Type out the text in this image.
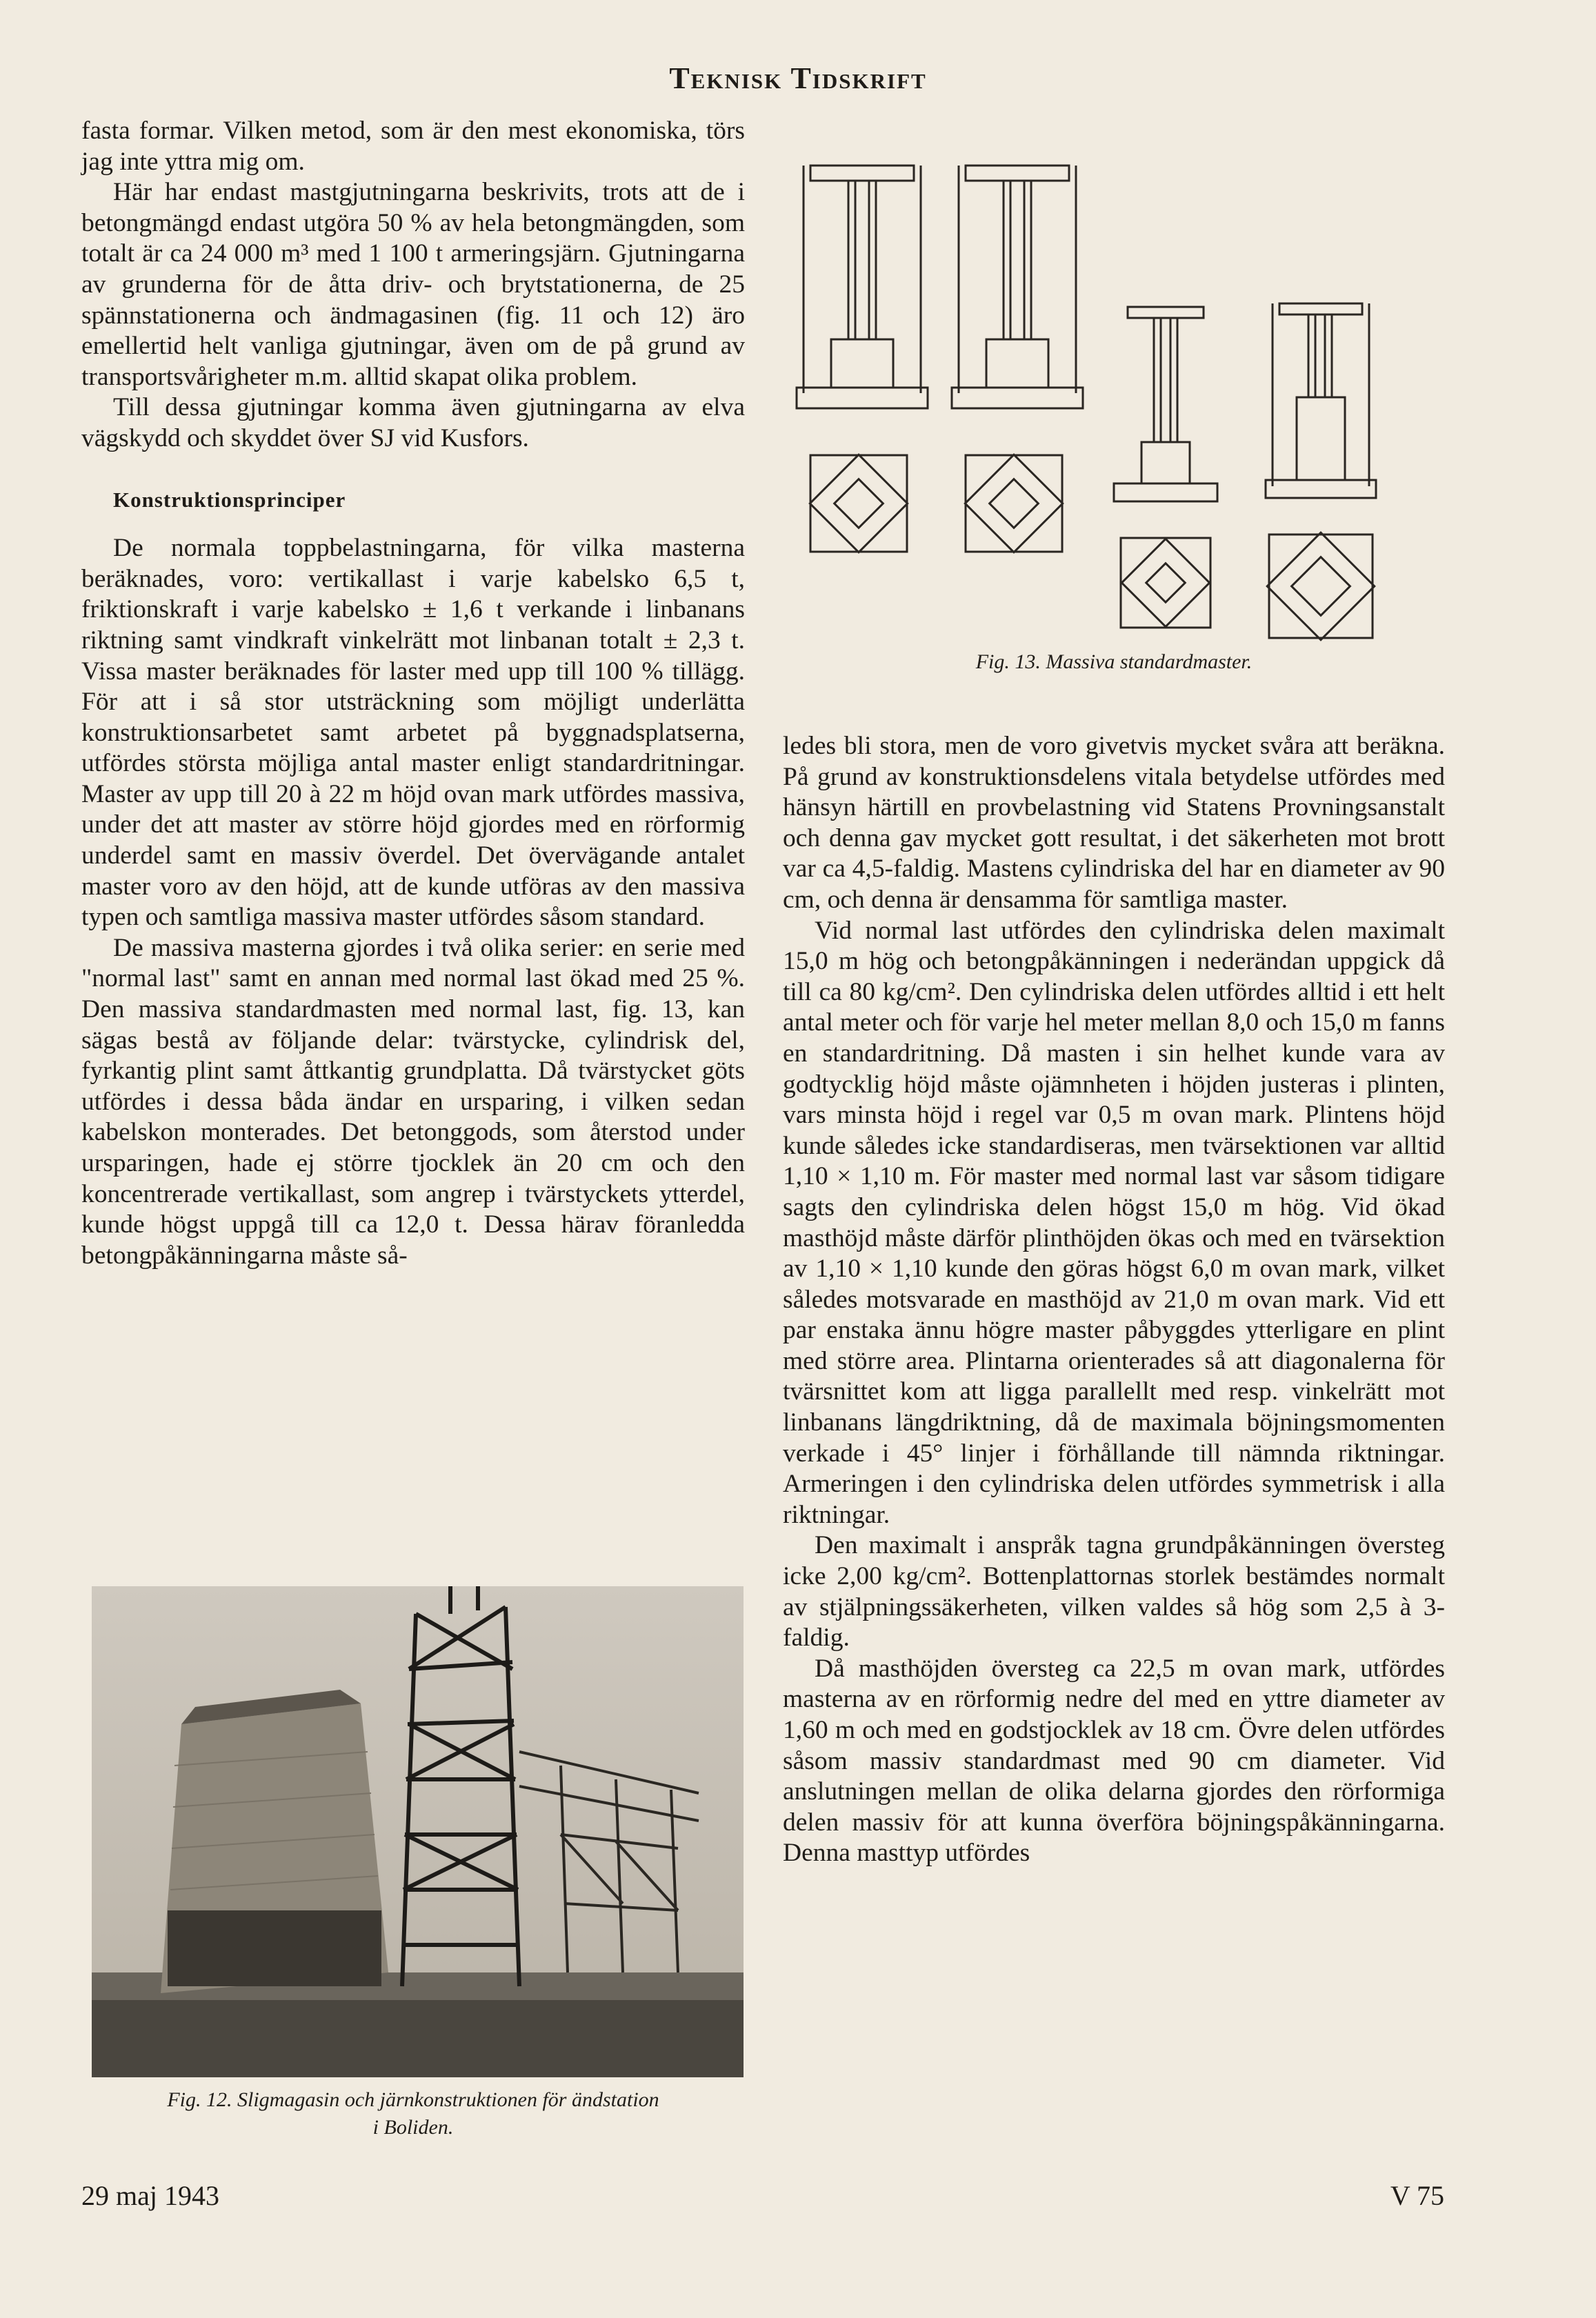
Teknisk Tidskrift

fasta formar. Vilken metod, som är den mest ekonomiska, törs jag inte yttra mig om.

Här har endast mastgjutningarna beskrivits, trots att de i betongmängd endast utgöra 50 % av hela betongmängden, som totalt är ca 24 000 m³ med 1 100 t armeringsjärn. Gjutningarna av grunderna för de åtta driv- och brytstationerna, de 25 spännstationerna och ändmagasinen (fig. 11 och 12) äro emellertid helt vanliga gjutningar, även om de på grund av transportsvårigheter m.m. alltid skapat olika problem.

Till dessa gjutningar komma även gjutningarna av elva vägskydd och skyddet över SJ vid Kusfors.

Konstruktionsprinciper

De normala toppbelastningarna, för vilka masterna beräknades, voro: vertikallast i varje kabelsko 6,5 t, friktionskraft i varje kabelsko ± 1,6 t verkande i linbanans riktning samt vindkraft vinkelrätt mot linbanan totalt ± 2,3 t. Vissa master beräknades för laster med upp till 100 % tillägg. För att i så stor utsträckning som möjligt underlätta konstruktionsarbetet samt arbetet på byggnadsplatserna, utfördes största möjliga antal master enligt standardritningar. Master av upp till 20 à 22 m höjd ovan mark utfördes massiva, under det att master av större höjd gjordes med en rörformig underdel samt en massiv överdel. Det övervägande antalet master voro av den höjd, att de kunde utföras av den massiva typen och samtliga massiva master utfördes såsom standard.

De massiva masterna gjordes i två olika serier: en serie med "normal last" samt en annan med normal last ökad med 25 %. Den massiva standardmasten med normal last, fig. 13, kan sägas bestå av följande delar: tvärstycke, cylindrisk del, fyrkantig plint samt åttkantig grundplatta. Då tvärstycket göts utfördes i dessa båda ändar en ursparing, i vilken sedan kabelskon monterades. Det betonggods, som återstod under ursparingen, hade ej större tjocklek än 20 cm och den koncentrerade vertikallast, som angrep i tvärstyckets ytterdel, kunde högst uppgå till ca 12,0 t. Dessa härav föranledda betongpåkänningarna måste så-

Fig. 13. Massiva standardmaster.

ledes bli stora, men de voro givetvis mycket svåra att beräkna. På grund av konstruktionsdelens vitala betydelse utfördes med hänsyn härtill en provbelastning vid Statens Provningsanstalt och denna gav mycket gott resultat, i det säkerheten mot brott var ca 4,5-faldig. Mastens cylindriska del har en diameter av 90 cm, och denna är densamma för samtliga master.

Vid normal last utfördes den cylindriska delen maximalt 15,0 m hög och betongpåkänningen i nederändan uppgick då till ca 80 kg/cm². Den cylindriska delen utfördes alltid i ett helt antal meter och för varje hel meter mellan 8,0 och 15,0 m fanns en standardritning. Då masten i sin helhet kunde vara av godtycklig höjd måste ojämnheten i höjden justeras i plinten, vars minsta höjd i regel var 0,5 m ovan mark. Plintens höjd kunde således icke standardiseras, men tvärsektionen var alltid 1,10 × 1,10 m. För master med normal last var såsom tidigare sagts den cylindriska delen högst 15,0 m hög. Vid ökad masthöjd måste därför plinthöjden ökas och med en tvärsektion av 1,10 × 1,10 kunde den göras högst 6,0 m ovan mark, vilket således motsvarade en masthöjd av 21,0 m ovan mark. Vid ett par enstaka ännu högre master påbyggdes ytterligare en plint med större area. Plintarna orienterades så att diagonalerna för tvärsnittet kom att ligga parallellt med resp. vinkelrätt mot linbanans längdriktning, då de maximala böjningsmomenten verkade i 45° linjer i förhållande till nämnda riktningar. Armeringen i den cylindriska delen utfördes symmetrisk i alla riktningar.

Den maximalt i anspråk tagna grundpåkänningen översteg icke 2,00 kg/cm². Bottenplattornas storlek bestämdes normalt av stjälpningssäkerheten, vilken valdes så hög som 2,5 à 3-faldig.

Då masthöjden översteg ca 22,5 m ovan mark, utfördes masterna av en rörformig nedre del med en yttre diameter av 1,60 m och med en godstjocklek av 18 cm. Övre delen utfördes såsom massiv standardmast med 90 cm diameter. Vid anslutningen mellan de olika delarna gjordes den rörformiga delen massiv för att kunna överföra böjningspåkänningarna. Denna masttyp utfördes

Fig. 12. Sligmagasin och järnkonstruktionen för ändstation
i Boliden.
29 maj 1943	V 75
